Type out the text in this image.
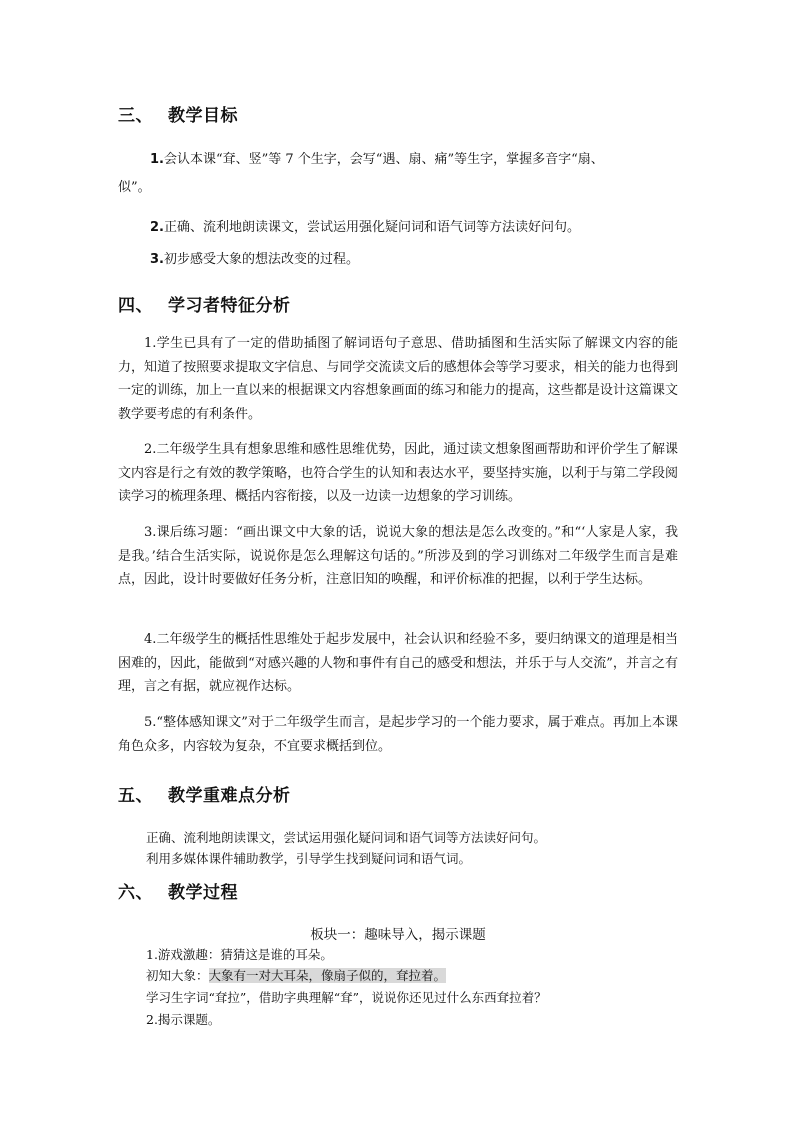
三、 教学目标
1.会认本课“耷、竖”等 7 个生字，会写“遇、扇、痛”等生字，掌握多音字“扇、
似”。
2.正确、流利地朗读课文，尝试运用强化疑问词和语气词等方法读好问句。
3.初步感受大象的想法改变的过程。
四、 学习者特征分析
1.学生已具有了一定的借助插图了解词语句子意思、借助插图和生活实际了解课文内容的能力，知道了按照要求提取文字信息、与同学交流读文后的感想体会等学习要求，相关的能力也得到一定的训练，加上一直以来的根据课文内容想象画面的练习和能力的提高，这些都是设计这篇课文教学要考虑的有利条件。
2.二年级学生具有想象思维和感性思维优势，因此，通过读文想象图画帮助和评价学生了解课文内容是行之有效的教学策略，也符合学生的认知和表达水平，要坚持实施，以利于与第二学段阅读学习的梳理条理、概括内容衔接，以及一边读一边想象的学习训练。
3.课后练习题：“画出课文中大象的话，说说大象的想法是怎么改变的。”和“‘人家是人家，我是我。’结合生活实际，说说你是怎么理解这句话的。”所涉及到的学习训练对二年级学生而言是难点，因此，设计时要做好任务分析，注意旧知的唤醒，和评价标准的把握，以利于学生达标。
4.二年级学生的概括性思维处于起步发展中，社会认识和经验不多，要归纳课文的道理是相当困难的，因此，能做到“对感兴趣的人物和事件有自己的感受和想法，并乐于与人交流”，并言之有理，言之有据，就应视作达标。
5.“整体感知课文”对于二年级学生而言，是起步学习的一个能力要求，属于难点。再加上本课角色众多，内容较为复杂，不宜要求概括到位。
五、 教学重难点分析
正确、流利地朗读课文，尝试运用强化疑问词和语气词等方法读好问句。
利用多媒体课件辅助教学，引导学生找到疑问词和语气词。
六、 教学过程
板块一：趣味导入，揭示课题
1.游戏激趣：猜猜这是谁的耳朵。
初知大象：大象有一对大耳朵，像扇子似的，耷拉着。
学习生字词“耷拉”，借助字典理解“耷”，说说你还见过什么东西耷拉着？
2.揭示课题。
